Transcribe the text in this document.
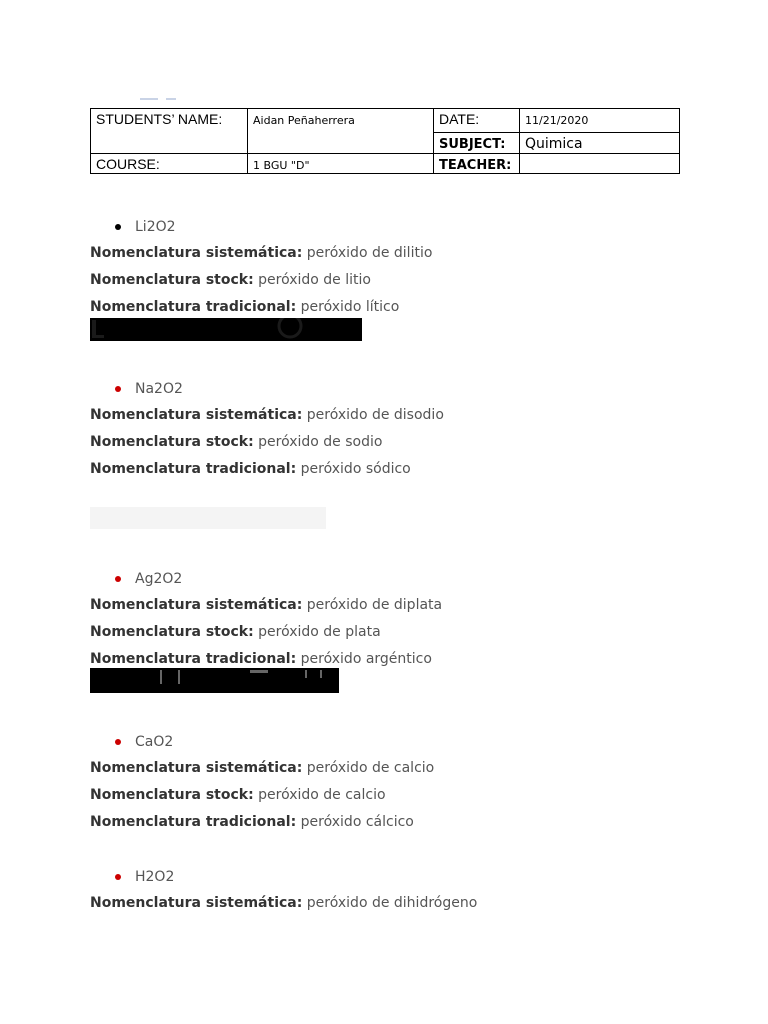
STUDENTS’ NAME:	Aidan Peñaherrera	DATE:	11/21/2020
		SUBJECT:	Quimica
COURSE:	1 BGU "D"	TEACHER:	
Li2O2
Nomenclatura sistemática: peróxido de dilitio
Nomenclatura stock: peróxido de litio
Nomenclatura tradicional: peróxido lítico
Na2O2
Nomenclatura sistemática: peróxido de disodio
Nomenclatura stock: peróxido de sodio
Nomenclatura tradicional: peróxido sódico
Ag2O2
Nomenclatura sistemática: peróxido de diplata
Nomenclatura stock: peróxido de plata
Nomenclatura tradicional: peróxido argéntico
CaO2
Nomenclatura sistemática: peróxido de calcio
Nomenclatura stock: peróxido de calcio
Nomenclatura tradicional: peróxido cálcico
H2O2
Nomenclatura sistemática: peróxido de dihidrógeno
